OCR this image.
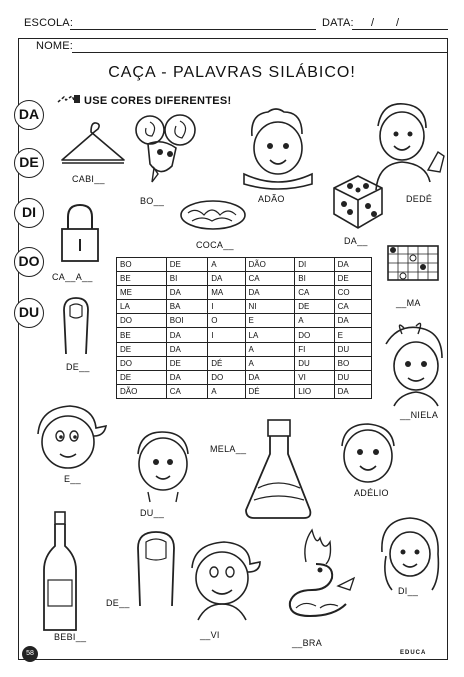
ESCOLA:	DATA: / /
NOME:
CAÇA - PALAVRAS SILÁBICO!
USE CORES DIFERENTES!
DA
DE
DI
DO
DU
CABI__
BO__	ADÃO	DEDÉ
COCA__	DA__
CA__A__
__MA
DE__
BO	DE	A	DÃO	DI	DA
BE	BI	DA	CA	BI	DE
ME	DA	MA	DA	CA	CO
LA	BA	I	NI	DE	CA
DO	BOI	O	E	A	DA
BE	DA	I	LA	DO	E
DE	DA		A	FI	DU
DO	DE	DÉ	A	DU	BO
DE	DA	DO	DA	VI	DU
DÃO	CA	A	DÉ	LIO	DA
__NIELA
E__
DU__
MELA__
ADÉLIO
BEBI__
DE__
__VI
__BRA
DI__
58	EDUCA
